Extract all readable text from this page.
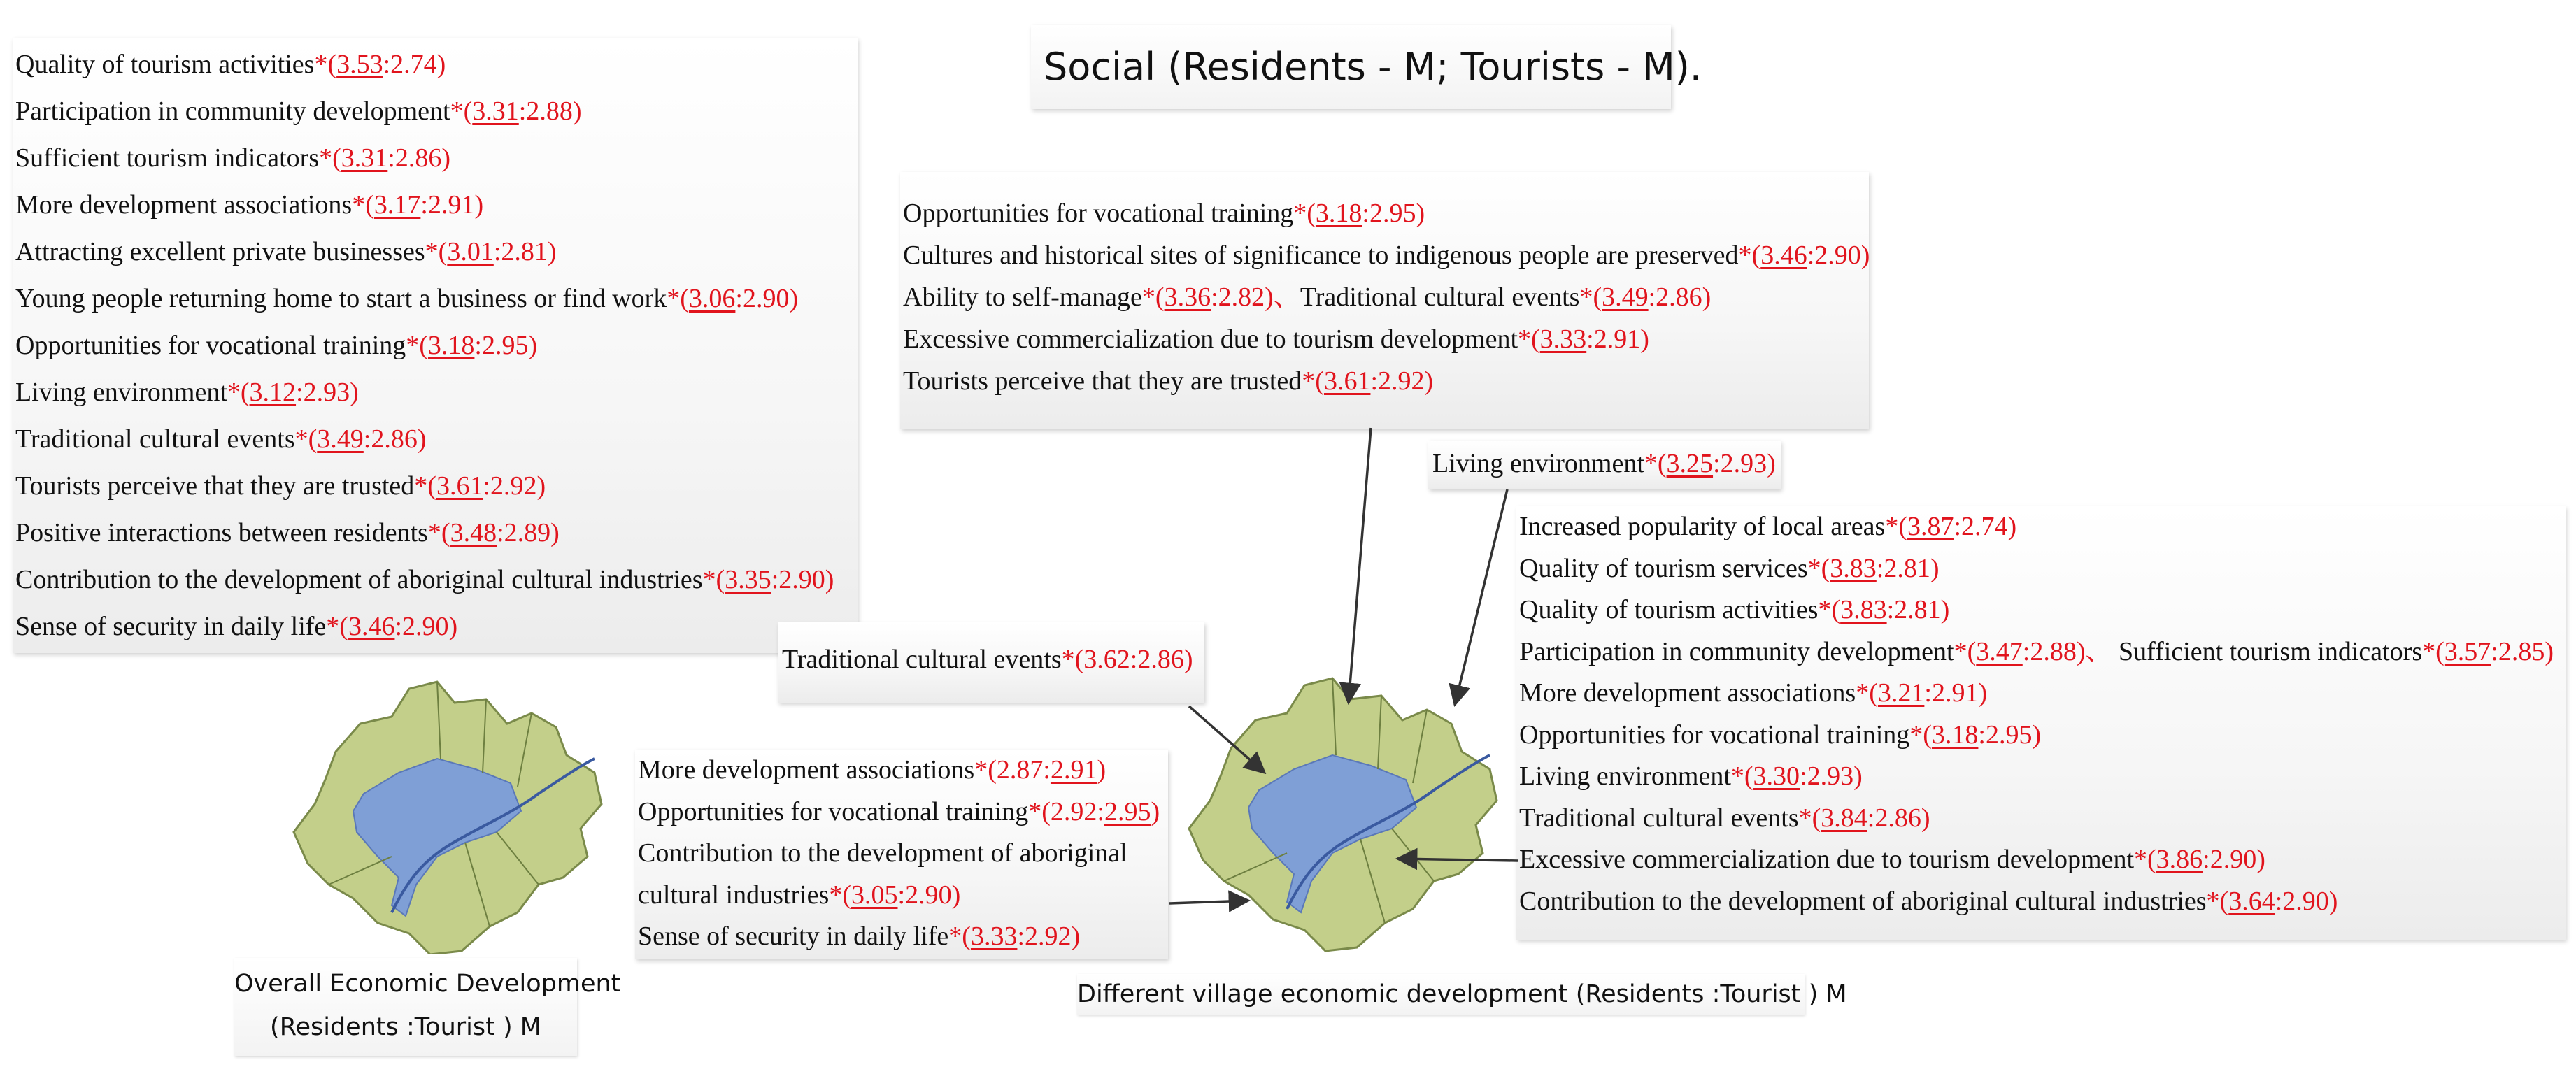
Social (Residents - M; Tourists - M).
Quality of tourism activities*(3.53:2.74)
Participation in community development*(3.31:2.88)
Sufficient tourism indicators*(3.31:2.86)
More development associations*(3.17:2.91)
Attracting excellent private businesses*(3.01:2.81)
Young people returning home to start a business or find work*(3.06:2.90)
Opportunities for vocational training*(3.18:2.95)
Living environment*(3.12:2.93)
Traditional cultural events*(3.49:2.86)
Tourists perceive that they are trusted*(3.61:2.92)
Positive interactions between residents*(3.48:2.89)
Contribution to the development of aboriginal cultural industries*(3.35:2.90)
Sense of security in daily life*(3.46:2.90)
Opportunities for vocational training*(3.18:2.95)
Cultures and historical sites of significance to indigenous people are preserved*(3.46:2.90)
Ability to self-manage*(3.36:2.82)、Traditional cultural events*(3.49:2.86)
Excessive commercialization due to tourism development*(3.33:2.91)
Tourists perceive that they are trusted*(3.61:2.92)
Living environment*(3.25:2.93)
Traditional cultural events*(3.62:2.86)
More development associations*(2.87:2.91)
Opportunities for vocational training*(2.92:2.95)
Contribution to the development of aboriginal
cultural industries*(3.05:2.90)
Sense of security in daily life*(3.33:2.92)
Increased popularity of local areas*(3.87:2.74)
Quality of tourism services*(3.83:2.81)
Quality of tourism activities*(3.83:2.81)
Participation in community development*(3.47:2.88)、 Sufficient tourism indicators*(3.57:2.85)
More development associations*(3.21:2.91)
Opportunities for vocational training*(3.18:2.95)
Living environment*(3.30:2.93)
Traditional cultural events*(3.84:2.86)
Excessive commercialization due to tourism development*(3.86:2.90)
Contribution to the development of aboriginal cultural industries*(3.64:2.90)
Overall Economic Development
(Residents :Tourist ) M
Different village economic development (Residents :Tourist ) M
